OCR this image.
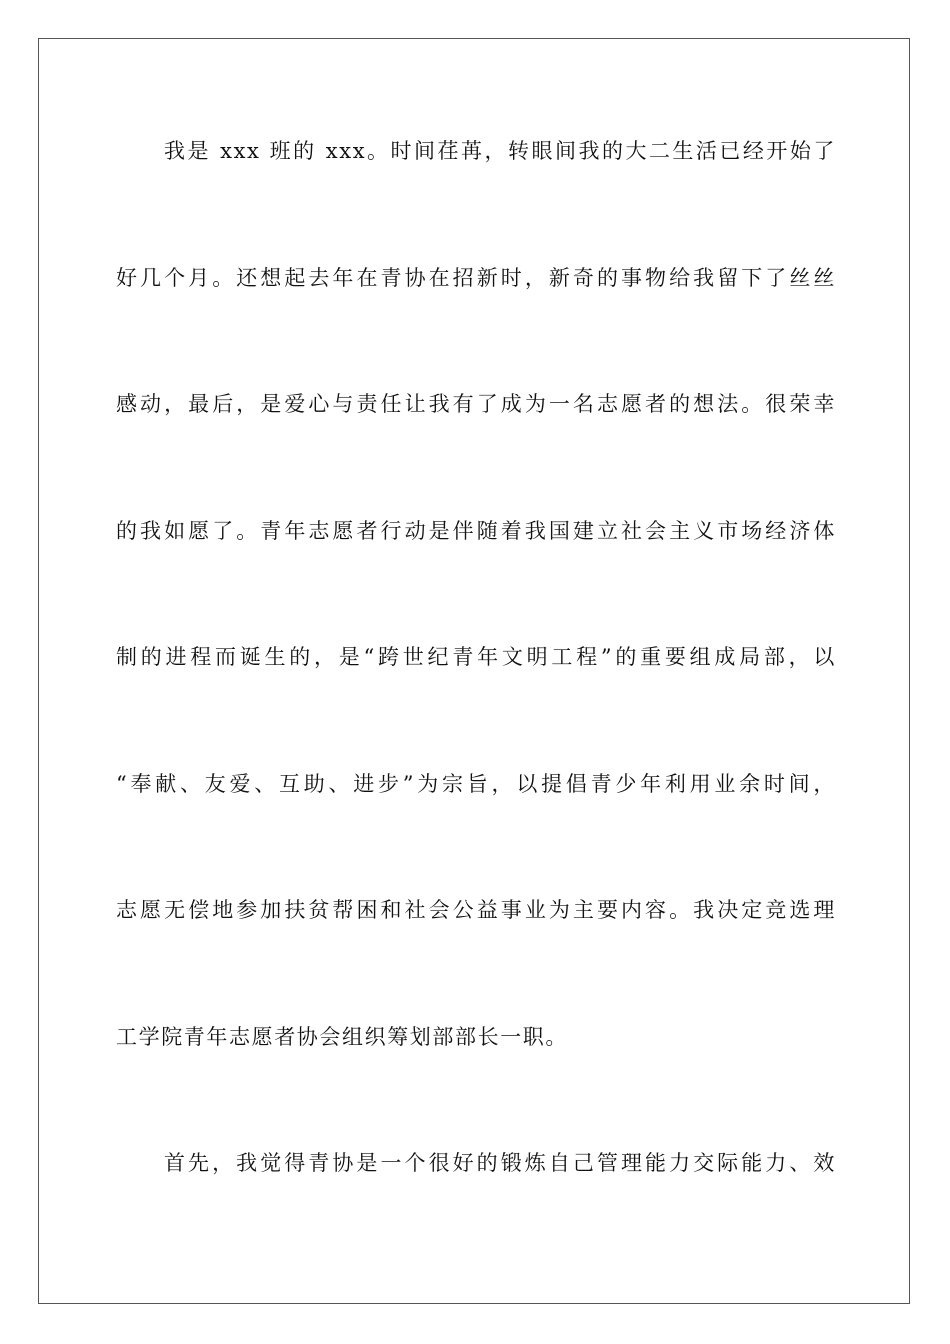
我是 xxx 班的 xxx。时间荏苒，转眼间我的大二生活已经开始了
好几个月。还想起去年在青协在招新时，新奇的事物给我留下了丝丝
感动，最后，是爱心与责任让我有了成为一名志愿者的想法。很荣幸
的我如愿了。青年志愿者行动是伴随着我国建立社会主义市场经济体
制的进程而诞生的，是“跨世纪青年文明工程”的重要组成局部，以
“奉献、友爱、互助、进步”为宗旨，以提倡青少年利用业余时间，
志愿无偿地参加扶贫帮困和社会公益事业为主要内容。我决定竞选理
工学院青年志愿者协会组织筹划部部长一职。
首先，我觉得青协是一个很好的锻炼自己管理能力交际能力、效
